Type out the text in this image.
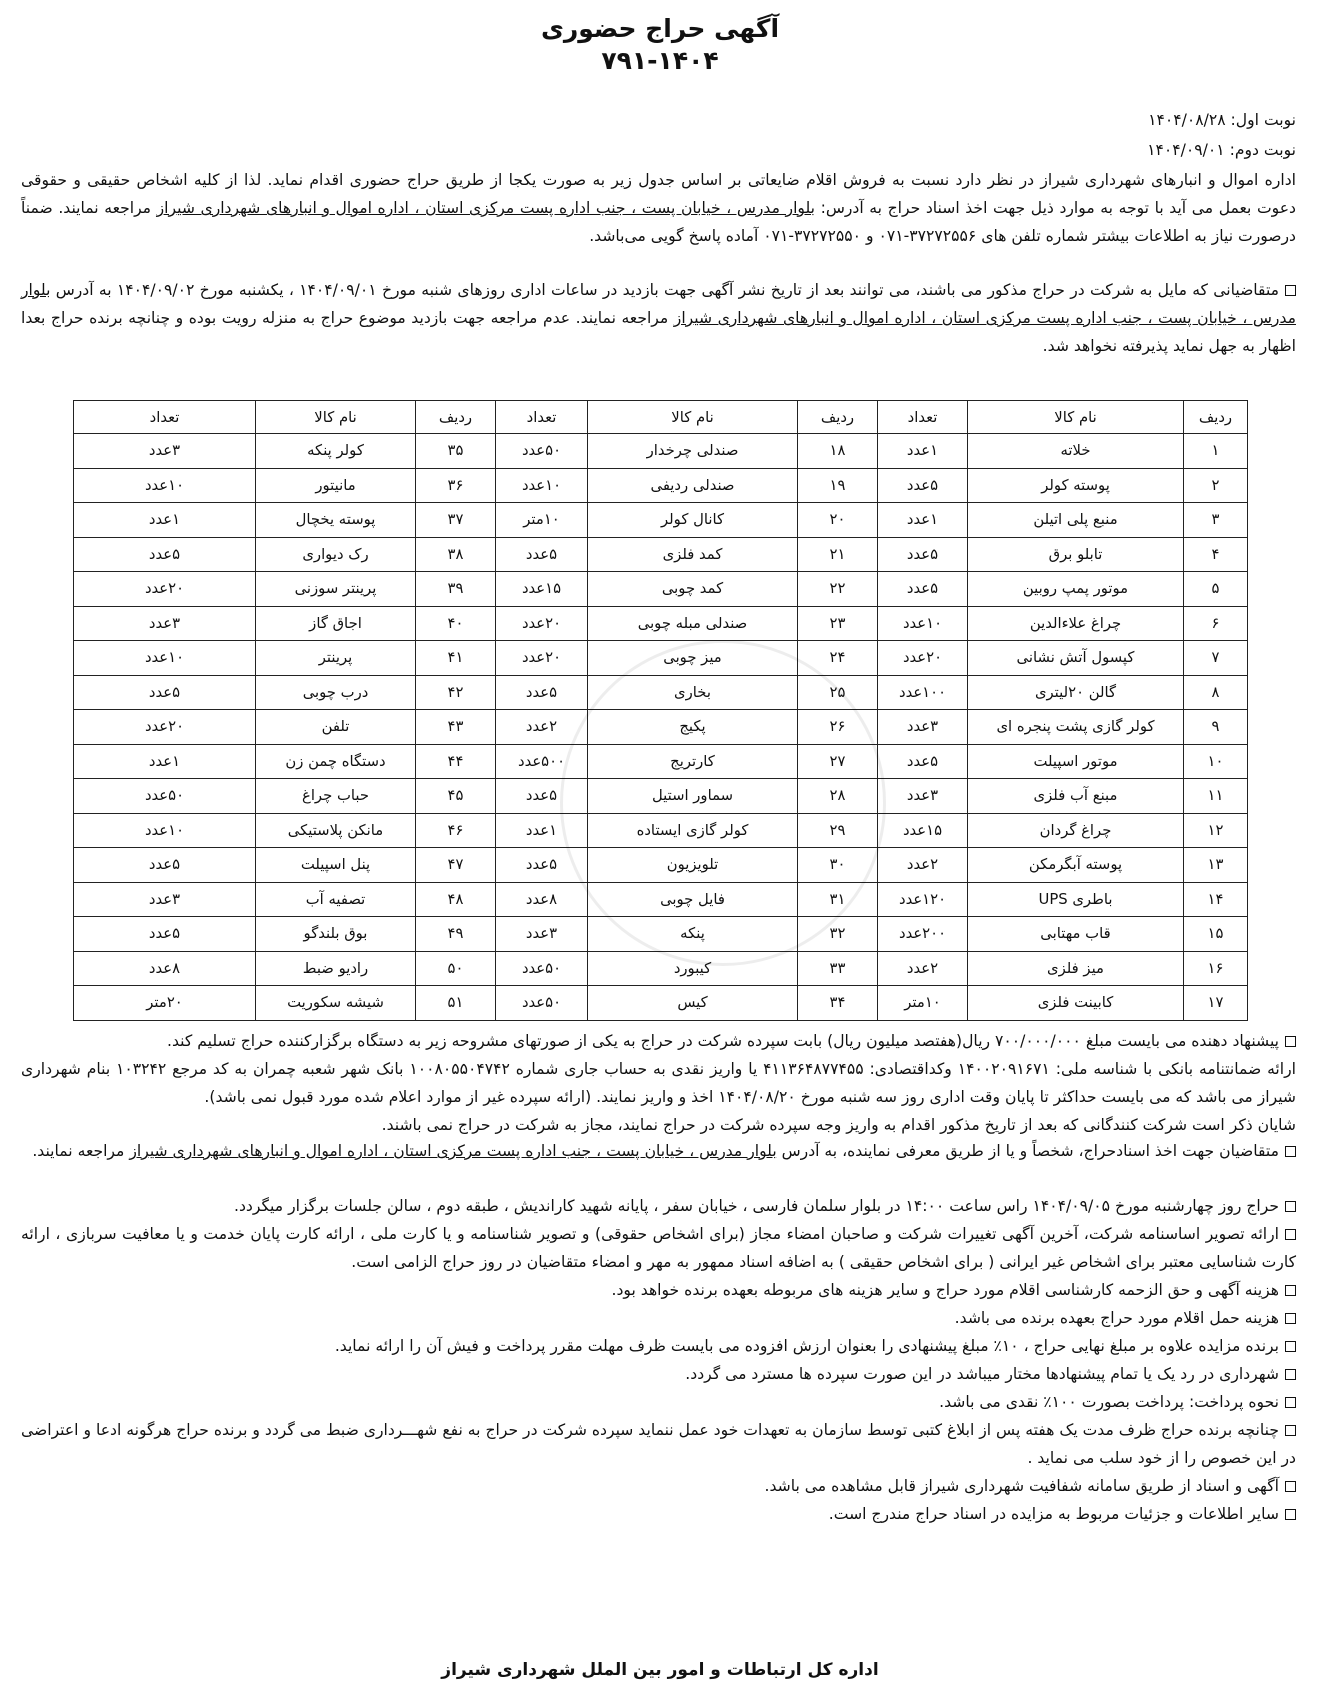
آگهی حراج حضوری
۷۹۱-۱۴۰۴
نوبت اول: ۱۴۰۴/۰۸/۲۸
نوبت دوم: ۱۴۰۴/۰۹/۰۱
اداره اموال و انبارهای شهرداری شیراز در نظر دارد نسبت به فروش اقلام ضایعاتی بر اساس جدول زیر به صورت یکجا از طریق حراج حضوری اقدام نماید. لذا از کلیه اشخاص حقیقی و حقوقی دعوت بعمل می آید با توجه به موارد ذیل جهت اخذ اسناد حراج به آدرس: بلوار مدرس ، خیابان پست ، جنب اداره پست مرکزی استان ، اداره اموال و انبارهای شهرداری شیراز مراجعه نمایند. ضمناً درصورت نیاز به اطلاعات بیشتر شماره تلفن های ۳۷۲۷۲۵۵۶-۰۷۱ و ۳۷۲۷۲۵۵۰-۰۷۱ آماده پاسخ گویی می‌باشد.
متقاضیانی که مایل به شرکت در حراج مذکور می باشند، می توانند بعد از تاریخ نشر آگهی جهت بازدید در ساعات اداری روزهای شنبه مورخ ۱۴۰۴/۰۹/۰۱ ، یکشنبه مورخ ۱۴۰۴/۰۹/۰۲ به آدرس بلوار مدرس ، خیابان پست ، جنب اداره پست مرکزی استان ، اداره اموال و انبارهای شهرداری شیراز مراجعه نمایند. عدم مراجعه جهت بازدید موضوع حراج به منزله رویت بوده و چنانچه برنده حراج بعدا اظهار به جهل نماید پذیرفته نخواهد شد.
ردیف	نام کالا	تعداد	ردیف	نام کالا	تعداد	ردیف	نام کالا	تعداد
۱	خلاته	۱عدد	۱۸	صندلی چرخدار	۵۰عدد	۳۵	کولر پنکه	۳عدد
۲	پوسته کولر	۵عدد	۱۹	صندلی ردیفی	۱۰عدد	۳۶	مانیتور	۱۰عدد
۳	منبع پلی اتیلن	۱عدد	۲۰	کانال کولر	۱۰متر	۳۷	پوسته یخچال	۱عدد
۴	تابلو برق	۵عدد	۲۱	کمد فلزی	۵عدد	۳۸	رک دیواری	۵عدد
۵	موتور پمپ روبین	۵عدد	۲۲	کمد چوبی	۱۵عدد	۳۹	پرینتر سوزنی	۲۰عدد
۶	چراغ علاءالدین	۱۰عدد	۲۳	صندلی مبله چوبی	۲۰عدد	۴۰	اجاق گاز	۳عدد
۷	کپسول آتش نشانی	۲۰عدد	۲۴	میز چوبی	۲۰عدد	۴۱	پرینتر	۱۰عدد
۸	گالن ۲۰لیتری	۱۰۰عدد	۲۵	بخاری	۵عدد	۴۲	درب چوبی	۵عدد
۹	کولر گازی پشت پنجره ای	۳عدد	۲۶	پکیج	۲عدد	۴۳	تلفن	۲۰عدد
۱۰	موتور اسپیلت	۵عدد	۲۷	کارتریج	۵۰۰عدد	۴۴	دستگاه چمن زن	۱عدد
۱۱	مبنع آب فلزی	۳عدد	۲۸	سماور استیل	۵عدد	۴۵	حباب چراغ	۵۰عدد
۱۲	چراغ گردان	۱۵عدد	۲۹	کولر گازی ایستاده	۱عدد	۴۶	مانکن پلاستیکی	۱۰عدد
۱۳	پوسته آبگرمکن	۲عدد	۳۰	تلویزیون	۵عدد	۴۷	پنل اسپیلت	۵عدد
۱۴	باطری UPS	۱۲۰عدد	۳۱	فایل چوبی	۸عدد	۴۸	تصفیه آب	۳عدد
۱۵	قاب مهتابی	۲۰۰عدد	۳۲	پنکه	۳عدد	۴۹	بوق بلندگو	۵عدد
۱۶	میز فلزی	۲عدد	۳۳	کیبورد	۵۰عدد	۵۰	رادیو ضبط	۸عدد
۱۷	کابینت فلزی	۱۰متر	۳۴	کیس	۵۰عدد	۵۱	شیشه سکوریت	۲۰متر
پیشنهاد دهنده می بایست مبلغ ۷۰۰/۰۰۰/۰۰۰ ریال(هفتصد میلیون ریال) بابت سپرده شرکت در حراج به یکی از صورتهای مشروحه زیر به دستگاه برگزارکننده حراج تسلیم کند.
ارائه ضمانتنامه بانکی با شناسه ملی: ۱۴۰۰۲۰۹۱۶۷۱ وکداقتصادی: ۴۱۱۳۶۴۸۷۷۴۵۵ یا واریز نقدی به حساب جاری شماره ۱۰۰۸۰۵۵۰۴۷۴۲ بانک شهر شعبه چمران به کد مرجع ۱۰۳۲۴۲ بنام شهرداری شیراز می باشد که می بایست حداکثر تا پایان وقت اداری روز سه شنبه مورخ ۱۴۰۴/۰۸/۲۰ اخذ و واریز نمایند. (ارائه سپرده غیر از موارد اعلام شده مورد قبول نمی باشد).
شایان ذکر است شرکت کنندگانی که بعد از تاریخ مذکور اقدام به واریز وجه سپرده شرکت در حراج نمایند، مجاز به شرکت در حراج نمی باشند.
متقاضیان جهت اخذ اسنادحراج، شخصاً و یا از طریق معرفی نماینده، به آدرس بلوار مدرس ، خیابان پست ، جنب اداره پست مرکزی استان ، اداره اموال و انبارهای شهرداری شیراز مراجعه نمایند.
حراج روز چهارشنبه مورخ ۱۴۰۴/۰۹/۰۵ راس ساعت ۱۴:۰۰ در بلوار سلمان فارسی ، خیابان سفر ، پایانه شهید کارانديش ، طبقه دوم ، سالن جلسات برگزار میگردد.
ارائه تصویر اساسنامه شرکت، آخرین آگهی تغییرات شرکت و صاحبان امضاء مجاز (برای اشخاص حقوقی) و تصویر شناسنامه و یا کارت ملی ، ارائه کارت پایان خدمت و یا معافیت سربازی ، ارائه کارت شناسایی معتبر برای اشخاص غیر ایرانی ( برای اشخاص حقیقی ) به اضافه اسناد ممهور به مهر و امضاء متقاضیان در روز حراج الزامی است.
هزینه آگهی و حق الزحمه کارشناسی اقلام مورد حراج و سایر هزینه های مربوطه بعهده برنده خواهد بود.
هزینه حمل اقلام مورد حراج بعهده برنده می باشد.
برنده مزایده علاوه بر مبلغ نهایی حراج ، ۱۰٪ مبلغ پیشنهادی را بعنوان ارزش افزوده می بایست ظرف مهلت مقرر پرداخت و فیش آن را ارائه نماید.
شهرداری در رد یک یا تمام پیشنهادها مختار میباشد در این صورت سپرده ها مسترد می گردد.
نحوه پرداخت: پرداخت بصورت ۱۰۰٪ نقدی می باشد.
چنانچه برنده حراج ظرف مدت یک هفته پس از ابلاغ کتبی توسط سازمان به تعهدات خود عمل ننماید سپرده شرکت در حراج به نفع شهـــرداری ضبط می گردد و برنده حراج هرگونه ادعا و اعتراضی در این خصوص را از خود سلب می نماید .
آگهی و اسناد از طریق سامانه شفافیت شهرداری شیراز قابل مشاهده می باشد.
سایر اطلاعات و جزئیات مربوط به مزایده در اسناد حراج مندرج است.
اداره کل ارتباطات و امور بین الملل شهرداری شیراز
